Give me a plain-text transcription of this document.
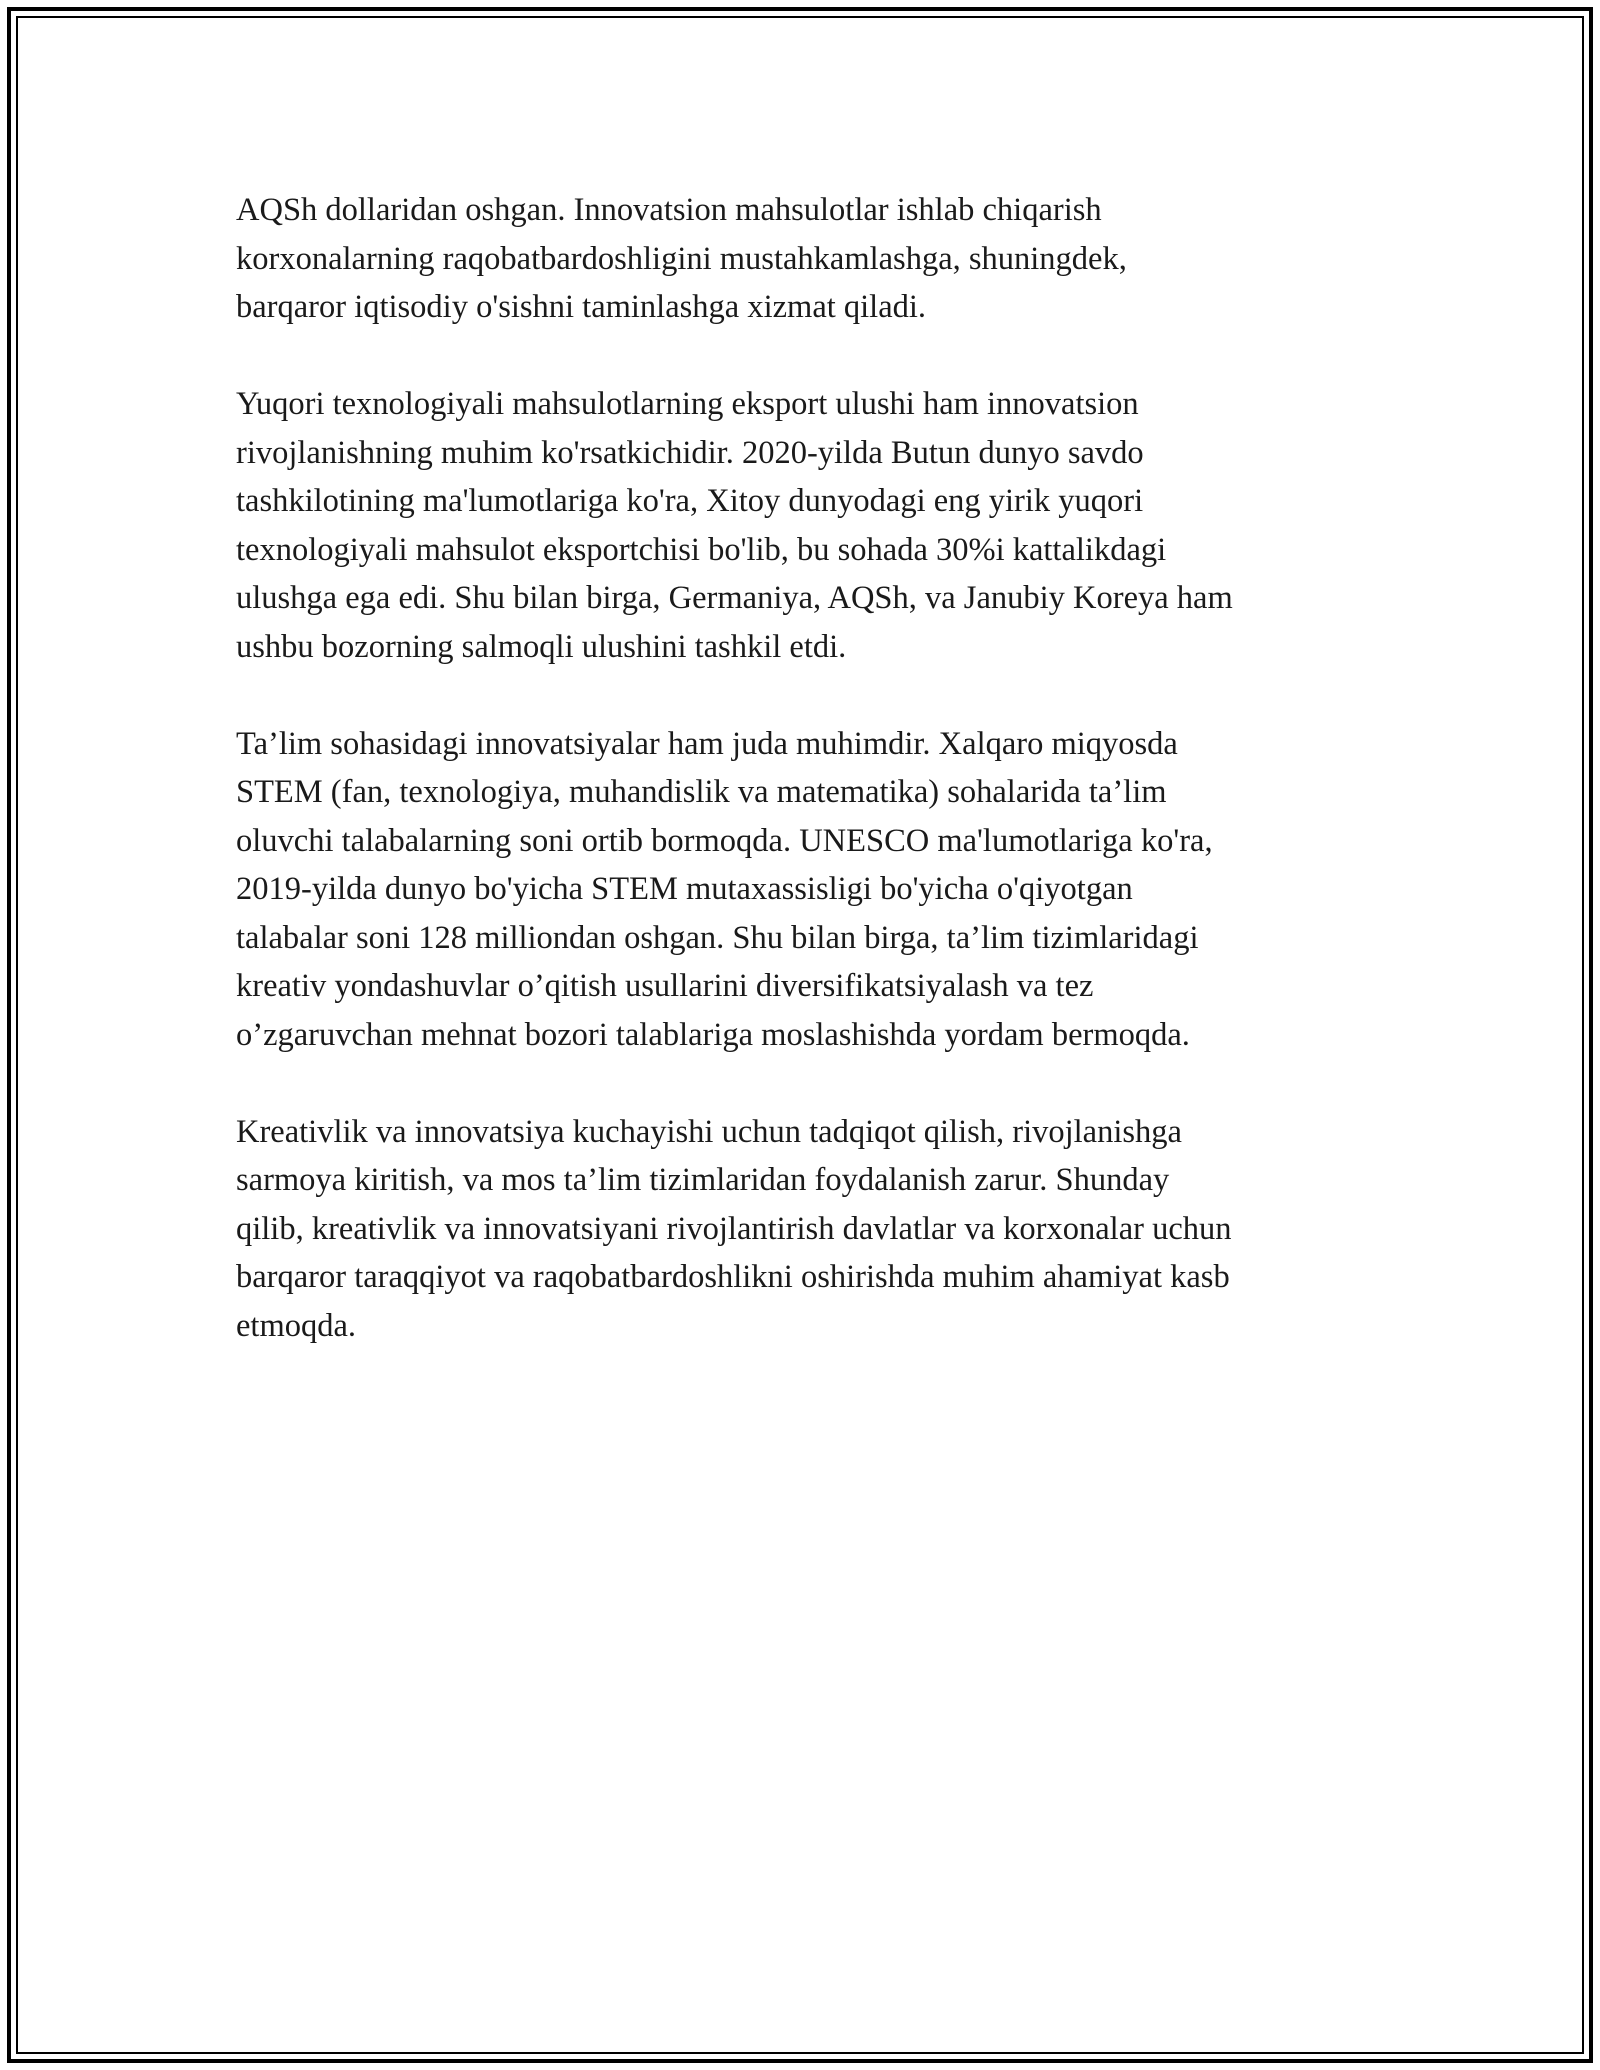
AQSh dollaridan oshgan. Innovatsion mahsulotlar ishlab chiqarish
korxonalarning raqobatbardoshligini mustahkamlashga, shuningdek,
barqaror iqtisodiy o'sishni taminlashga xizmat qiladi.

Yuqori texnologiyali mahsulotlarning eksport ulushi ham innovatsion
rivojlanishning muhim ko'rsatkichidir. 2020-yilda Butun dunyo savdo
tashkilotining ma'lumotlariga ko'ra, Xitoy dunyodagi eng yirik yuqori
texnologiyali mahsulot eksportchisi bo'lib, bu sohada 30%i kattalikdagi
ulushga ega edi. Shu bilan birga, Germaniya, AQSh, va Janubiy Koreya ham
ushbu bozorning salmoqli ulushini tashkil etdi.

Ta’lim sohasidagi innovatsiyalar ham juda muhimdir. Xalqaro miqyosda
STEM (fan, texnologiya, muhandislik va matematika) sohalarida ta’lim
oluvchi talabalarning soni ortib bormoqda. UNESCO ma'lumotlariga ko'ra,
2019-yilda dunyo bo'yicha STEM mutaxassisligi bo'yicha o'qiyotgan
talabalar soni 128 milliondan oshgan. Shu bilan birga, ta’lim tizimlaridagi
kreativ yondashuvlar o’qitish usullarini diversifikatsiyalash va tez
o’zgaruvchan mehnat bozori talablariga moslashishda yordam bermoqda.

Kreativlik va innovatsiya kuchayishi uchun tadqiqot qilish, rivojlanishga
sarmoya kiritish, va mos ta’lim tizimlaridan foydalanish zarur. Shunday
qilib, kreativlik va innovatsiyani rivojlantirish davlatlar va korxonalar uchun
barqaror taraqqiyot va raqobatbardoshlikni oshirishda muhim ahamiyat kasb
etmoqda.
